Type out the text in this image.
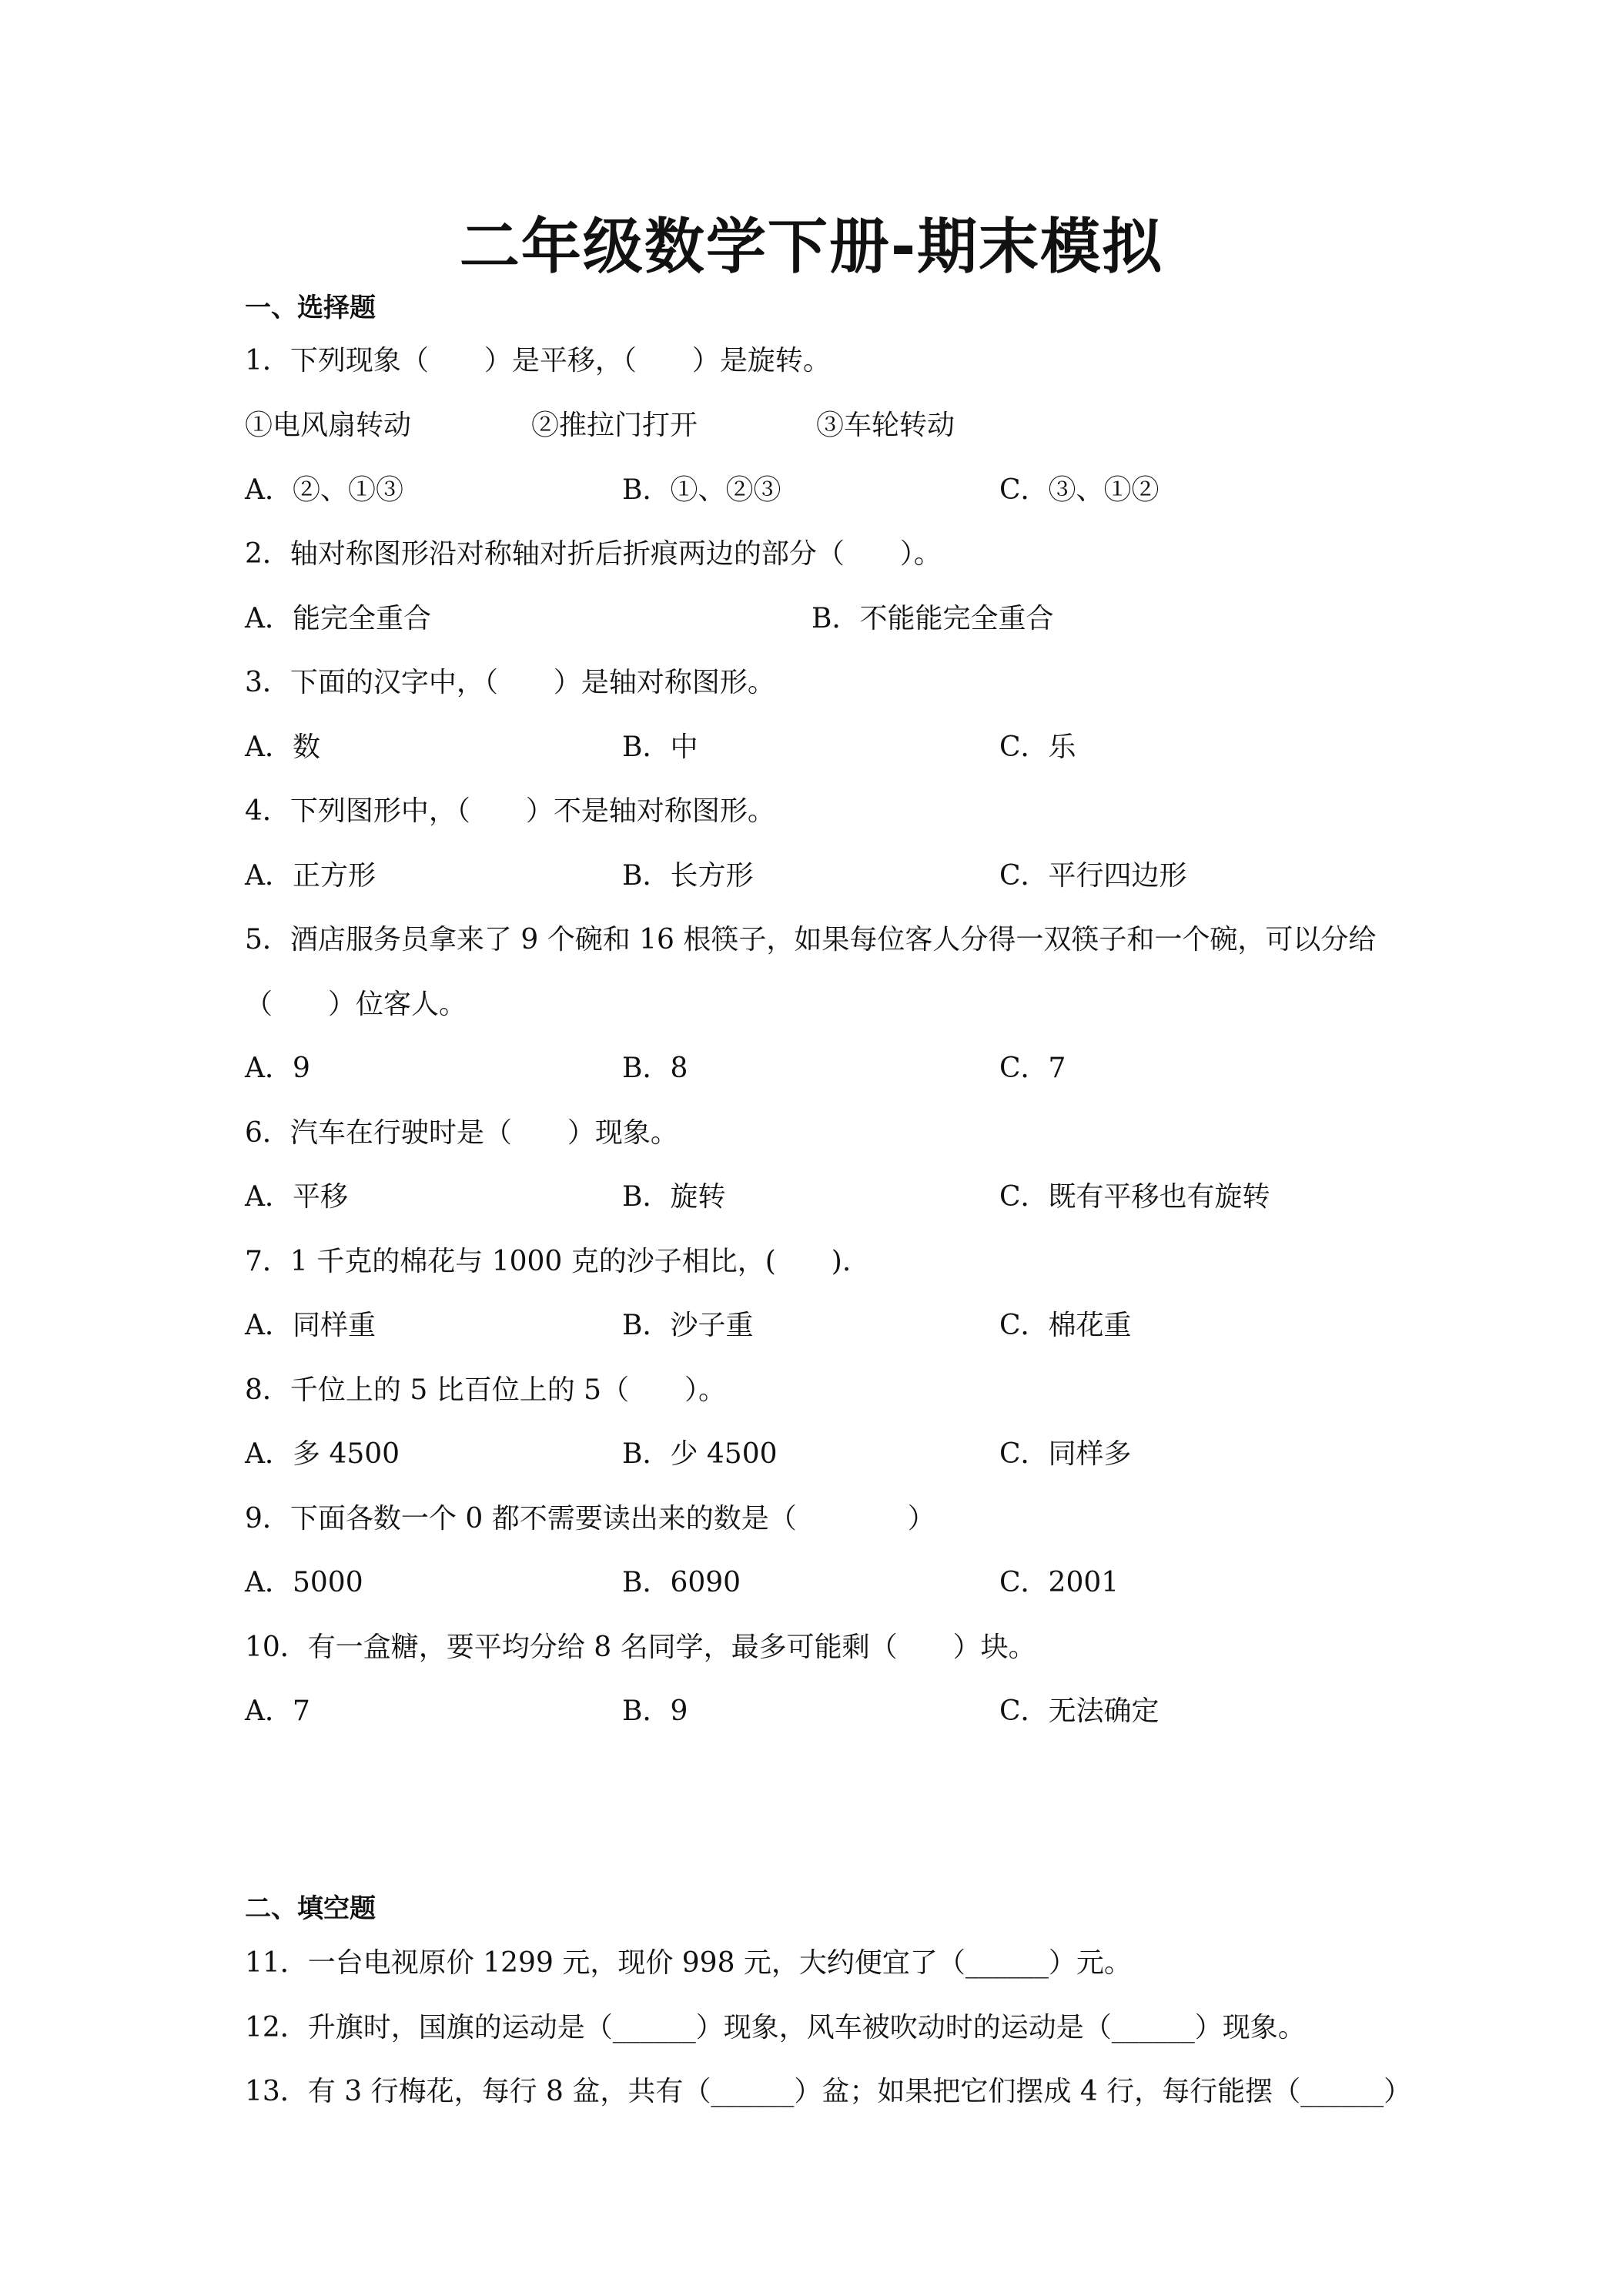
二年级数学下册-期末模拟
一、选择题
1．下列现象（　　）是平移，（　　）是旋转。
①电风扇转动	②推拉门打开	③车轮转动
A．②、①③	B．①、②③	C．③、①②
2．轴对称图形沿对称轴对折后折痕两边的部分（　　）。
A．能完全重合	B．不能能完全重合
3．下面的汉字中，（　　）是轴对称图形。
A．数	B．中	C．乐
4．下列图形中，（　　）不是轴对称图形。
A．正方形	B．长方形	C．平行四边形
5．酒店服务员拿来了 9 个碗和 16 根筷子，如果每位客人分得一双筷子和一个碗，可以分给
（　　）位客人。
A．9	B．8	C．7
6．汽车在行驶时是（　　）现象。
A．平移	B．旋转	C．既有平移也有旋转
7．1 千克的棉花与 1000 克的沙子相比，(　　).
A．同样重	B．沙子重	C．棉花重
8．千位上的 5 比百位上的 5（　　）。
A．多 4500	B．少 4500	C．同样多
9．下面各数一个 0 都不需要读出来的数是（　　　　）
A．5000	B．6090	C．2001
10．有一盒糖，要平均分给 8 名同学，最多可能剩（　　）块。
A．7	B．9	C．无法确定
二、填空题
11．一台电视原价 1299 元，现价 998 元，大约便宜了（______）元。
12．升旗时，国旗的运动是（______）现象，风车被吹动时的运动是（______）现象。
13．有 3 行梅花，每行 8 盆，共有（______）盆；如果把它们摆成 4 行，每行能摆（______）
